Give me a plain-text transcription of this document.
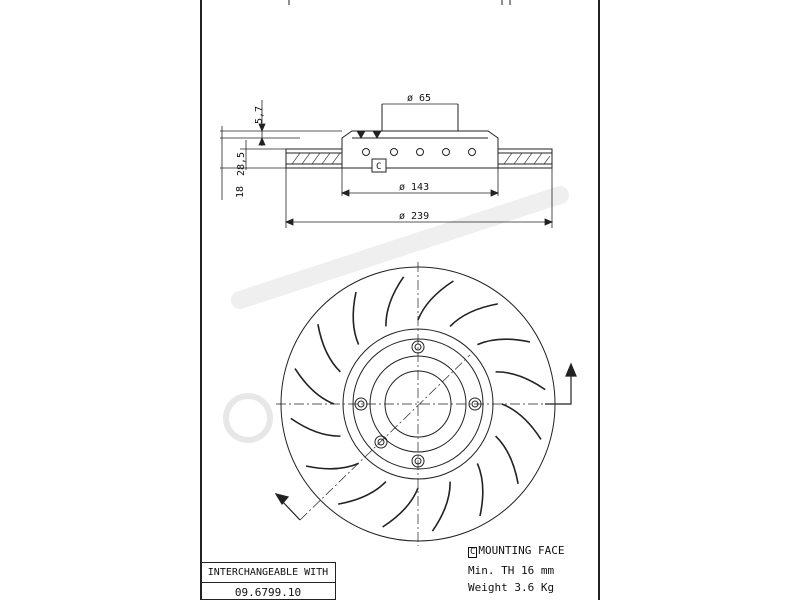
C
ø 65
ø 143
ø 239
5,7
28,5
18
INTERCHANGEABLE WITH
09.6799.10
C MOUNTING FACE
Min. TH 16 mm
Weight 3.6 Kg
